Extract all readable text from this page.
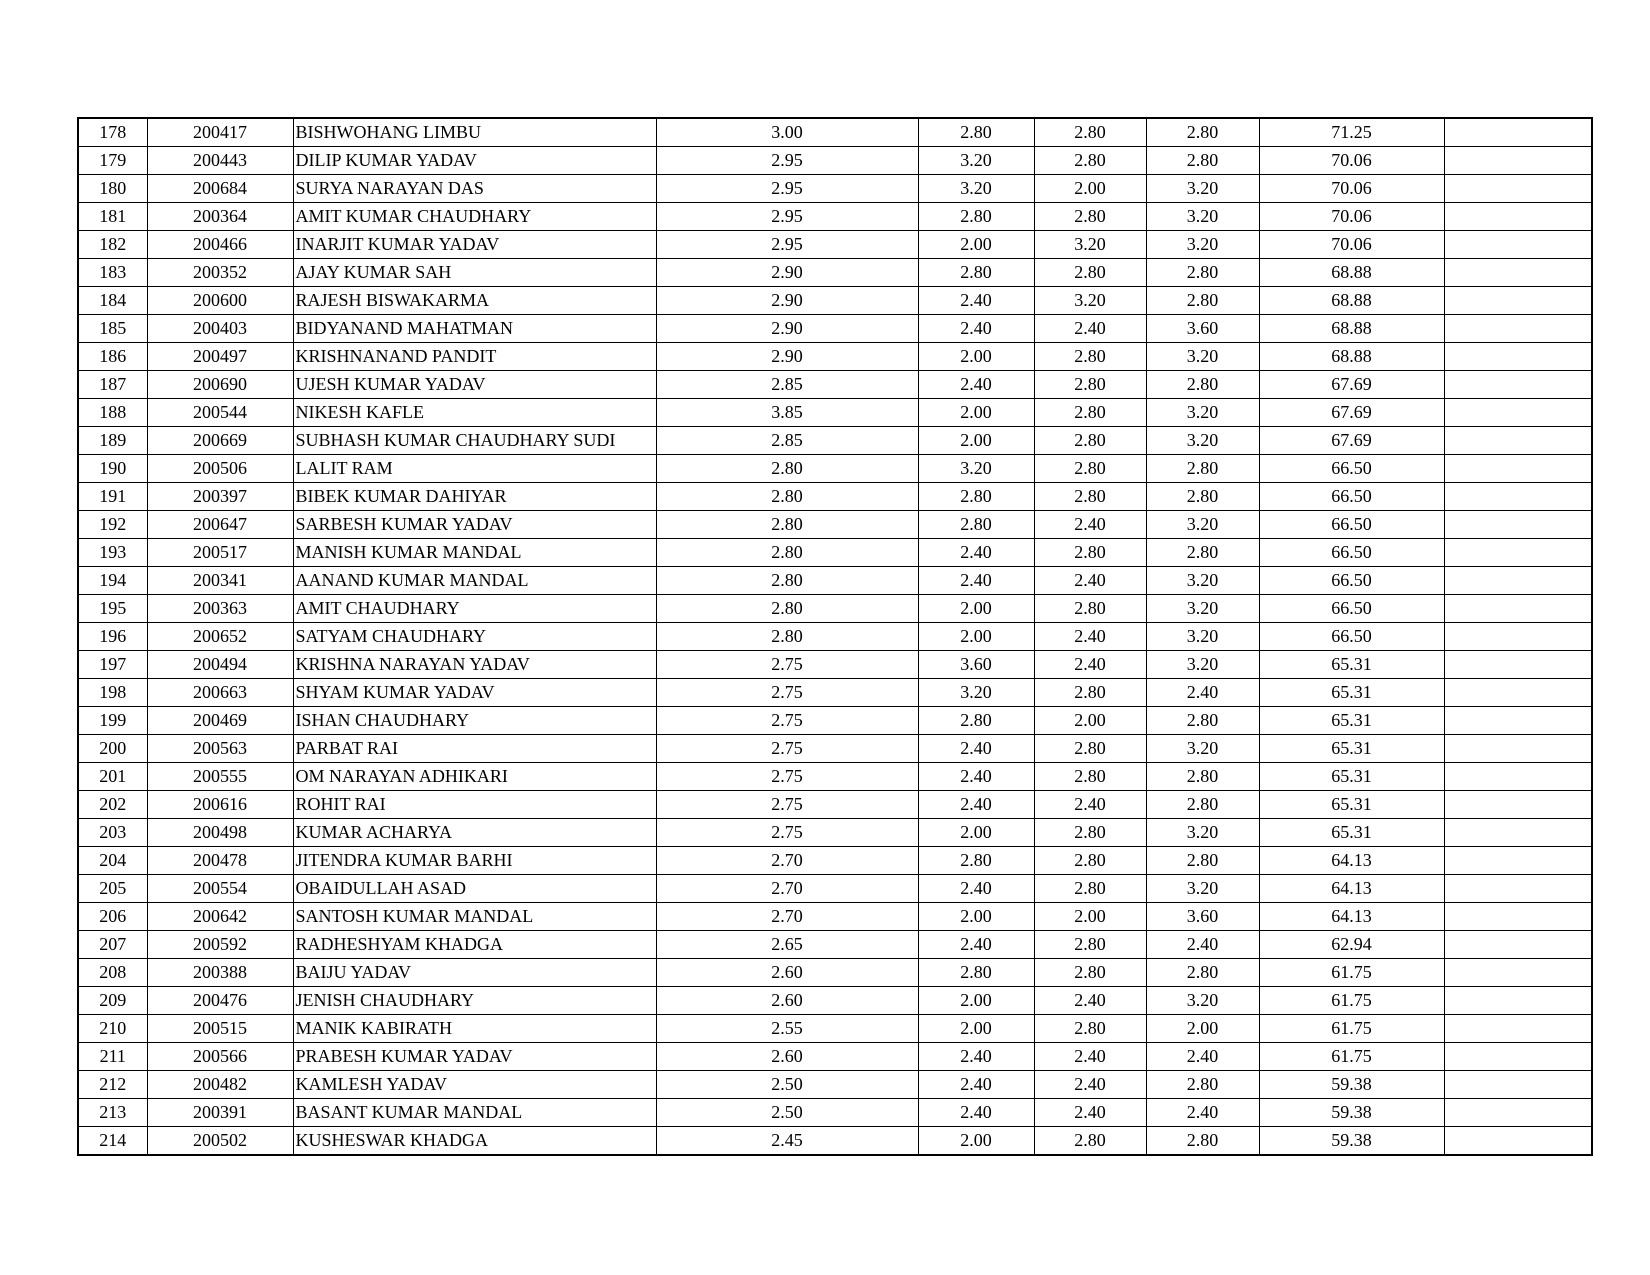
178	200417	BISHWOHANG LIMBU	3.00	2.80	2.80	2.80	71.25	
179	200443	DILIP KUMAR YADAV	2.95	3.20	2.80	2.80	70.06	
180	200684	SURYA NARAYAN DAS	2.95	3.20	2.00	3.20	70.06	
181	200364	AMIT KUMAR CHAUDHARY	2.95	2.80	2.80	3.20	70.06	
182	200466	INARJIT KUMAR YADAV	2.95	2.00	3.20	3.20	70.06	
183	200352	AJAY KUMAR SAH	2.90	2.80	2.80	2.80	68.88	
184	200600	RAJESH BISWAKARMA	2.90	2.40	3.20	2.80	68.88	
185	200403	BIDYANAND MAHATMAN	2.90	2.40	2.40	3.60	68.88	
186	200497	KRISHNANAND PANDIT	2.90	2.00	2.80	3.20	68.88	
187	200690	UJESH KUMAR YADAV	2.85	2.40	2.80	2.80	67.69	
188	200544	NIKESH KAFLE	3.85	2.00	2.80	3.20	67.69	
189	200669	SUBHASH KUMAR CHAUDHARY SUDI	2.85	2.00	2.80	3.20	67.69	
190	200506	LALIT RAM	2.80	3.20	2.80	2.80	66.50	
191	200397	BIBEK KUMAR DAHIYAR	2.80	2.80	2.80	2.80	66.50	
192	200647	SARBESH KUMAR YADAV	2.80	2.80	2.40	3.20	66.50	
193	200517	MANISH KUMAR MANDAL	2.80	2.40	2.80	2.80	66.50	
194	200341	AANAND KUMAR MANDAL	2.80	2.40	2.40	3.20	66.50	
195	200363	AMIT CHAUDHARY	2.80	2.00	2.80	3.20	66.50	
196	200652	SATYAM CHAUDHARY	2.80	2.00	2.40	3.20	66.50	
197	200494	KRISHNA NARAYAN YADAV	2.75	3.60	2.40	3.20	65.31	
198	200663	SHYAM KUMAR YADAV	2.75	3.20	2.80	2.40	65.31	
199	200469	ISHAN CHAUDHARY	2.75	2.80	2.00	2.80	65.31	
200	200563	PARBAT RAI	2.75	2.40	2.80	3.20	65.31	
201	200555	OM NARAYAN ADHIKARI	2.75	2.40	2.80	2.80	65.31	
202	200616	ROHIT RAI	2.75	2.40	2.40	2.80	65.31	
203	200498	KUMAR ACHARYA	2.75	2.00	2.80	3.20	65.31	
204	200478	JITENDRA KUMAR BARHI	2.70	2.80	2.80	2.80	64.13	
205	200554	OBAIDULLAH ASAD	2.70	2.40	2.80	3.20	64.13	
206	200642	SANTOSH KUMAR MANDAL	2.70	2.00	2.00	3.60	64.13	
207	200592	RADHESHYAM KHADGA	2.65	2.40	2.80	2.40	62.94	
208	200388	BAIJU YADAV	2.60	2.80	2.80	2.80	61.75	
209	200476	JENISH CHAUDHARY	2.60	2.00	2.40	3.20	61.75	
210	200515	MANIK KABIRATH	2.55	2.00	2.80	2.00	61.75	
211	200566	PRABESH KUMAR YADAV	2.60	2.40	2.40	2.40	61.75	
212	200482	KAMLESH YADAV	2.50	2.40	2.40	2.80	59.38	
213	200391	BASANT KUMAR MANDAL	2.50	2.40	2.40	2.40	59.38	
214	200502	KUSHESWAR KHADGA	2.45	2.00	2.80	2.80	59.38	
